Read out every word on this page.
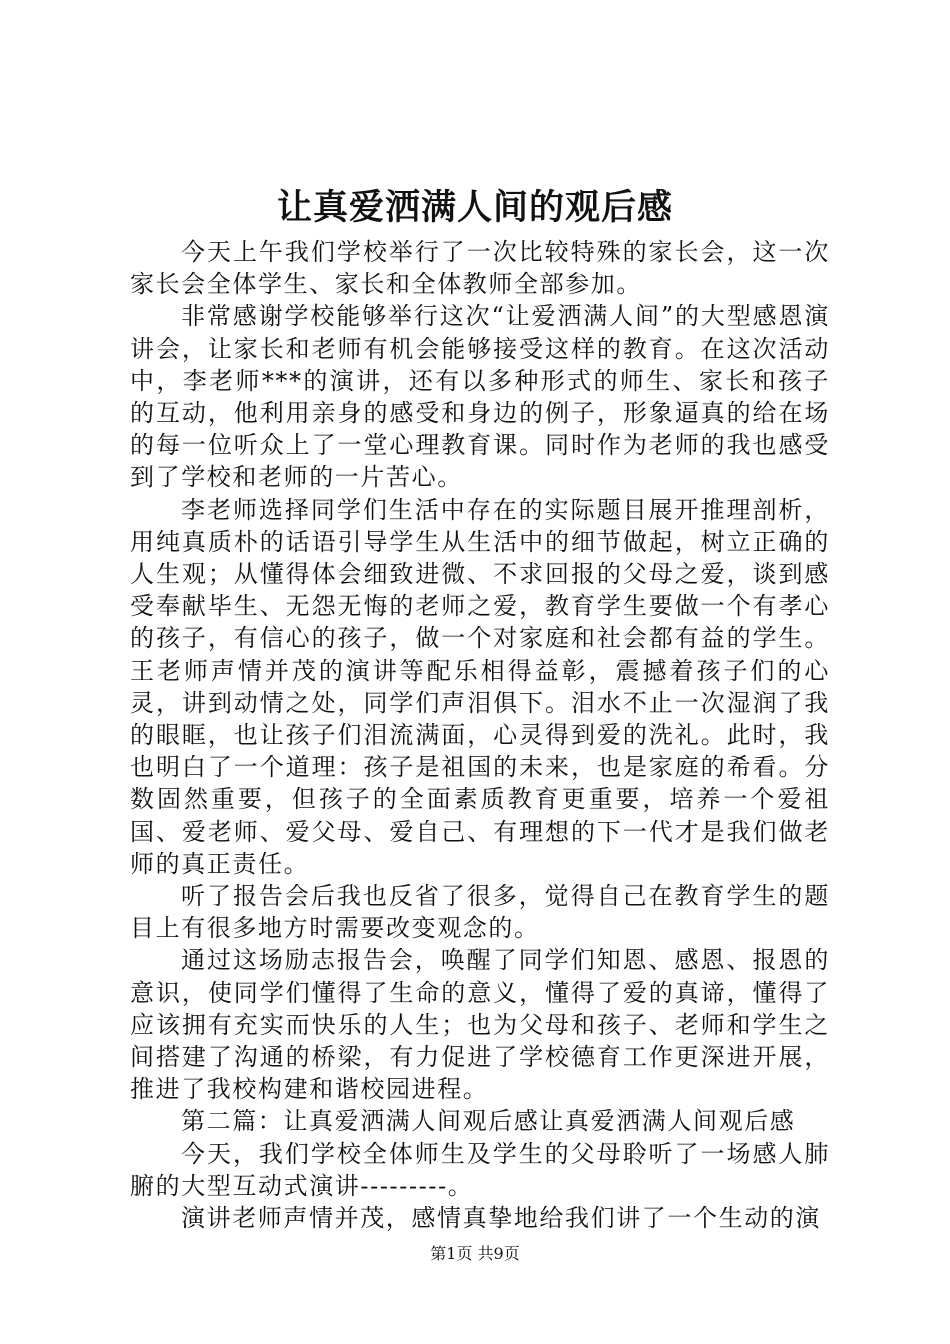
让真爱洒满人间的观后感

今天上午我们学校举行了一次比较特殊的家长会，这一次家长会全体学生、家长和全体教师全部参加。

非常感谢学校能够举行这次“让爱洒满人间”的大型感恩演讲会，让家长和老师有机会能够接受这样的教育。在这次活动中，李老师***的演讲，还有以多种形式的师生、家长和孩子的互动，他利用亲身的感受和身边的例子，形象逼真的给在场的每一位听众上了一堂心理教育课。同时作为老师的我也感受到了学校和老师的一片苦心。

李老师选择同学们生活中存在的实际题目展开推理剖析，用纯真质朴的话语引导学生从生活中的细节做起，树立正确的人生观；从懂得体会细致进微、不求回报的父母之爱，谈到感受奉献毕生、无怨无悔的老师之爱，教育学生要做一个有孝心的孩子，有信心的孩子，做一个对家庭和社会都有益的学生。王老师声情并茂的演讲等配乐相得益彰，震撼着孩子们的心灵，讲到动情之处，同学们声泪俱下。泪水不止一次湿润了我的眼眶，也让孩子们泪流满面，心灵得到爱的洗礼。此时，我也明白了一个道理：孩子是祖国的未来，也是家庭的希看。分数固然重要，但孩子的全面素质教育更重要，培养一个爱祖国、爱老师、爱父母、爱自己、有理想的下一代才是我们做老师的真正责任。

听了报告会后我也反省了很多，觉得自己在教育学生的题目上有很多地方时需要改变观念的。

通过这场励志报告会，唤醒了同学们知恩、感恩、报恩的意识，使同学们懂得了生命的意义，懂得了爱的真谛，懂得了应该拥有充实而快乐的人生；也为父母和孩子、老师和学生之间搭建了沟通的桥梁，有力促进了学校德育工作更深进开展，推进了我校构建和谐校园进程。

第二篇：让真爱洒满人间观后感让真爱洒满人间观后感

今天，我们学校全体师生及学生的父母聆听了一场感人肺腑的大型互动式演讲---------。

演讲老师声情并茂，感情真挚地给我们讲了一个生动的演

第1页 共9页
